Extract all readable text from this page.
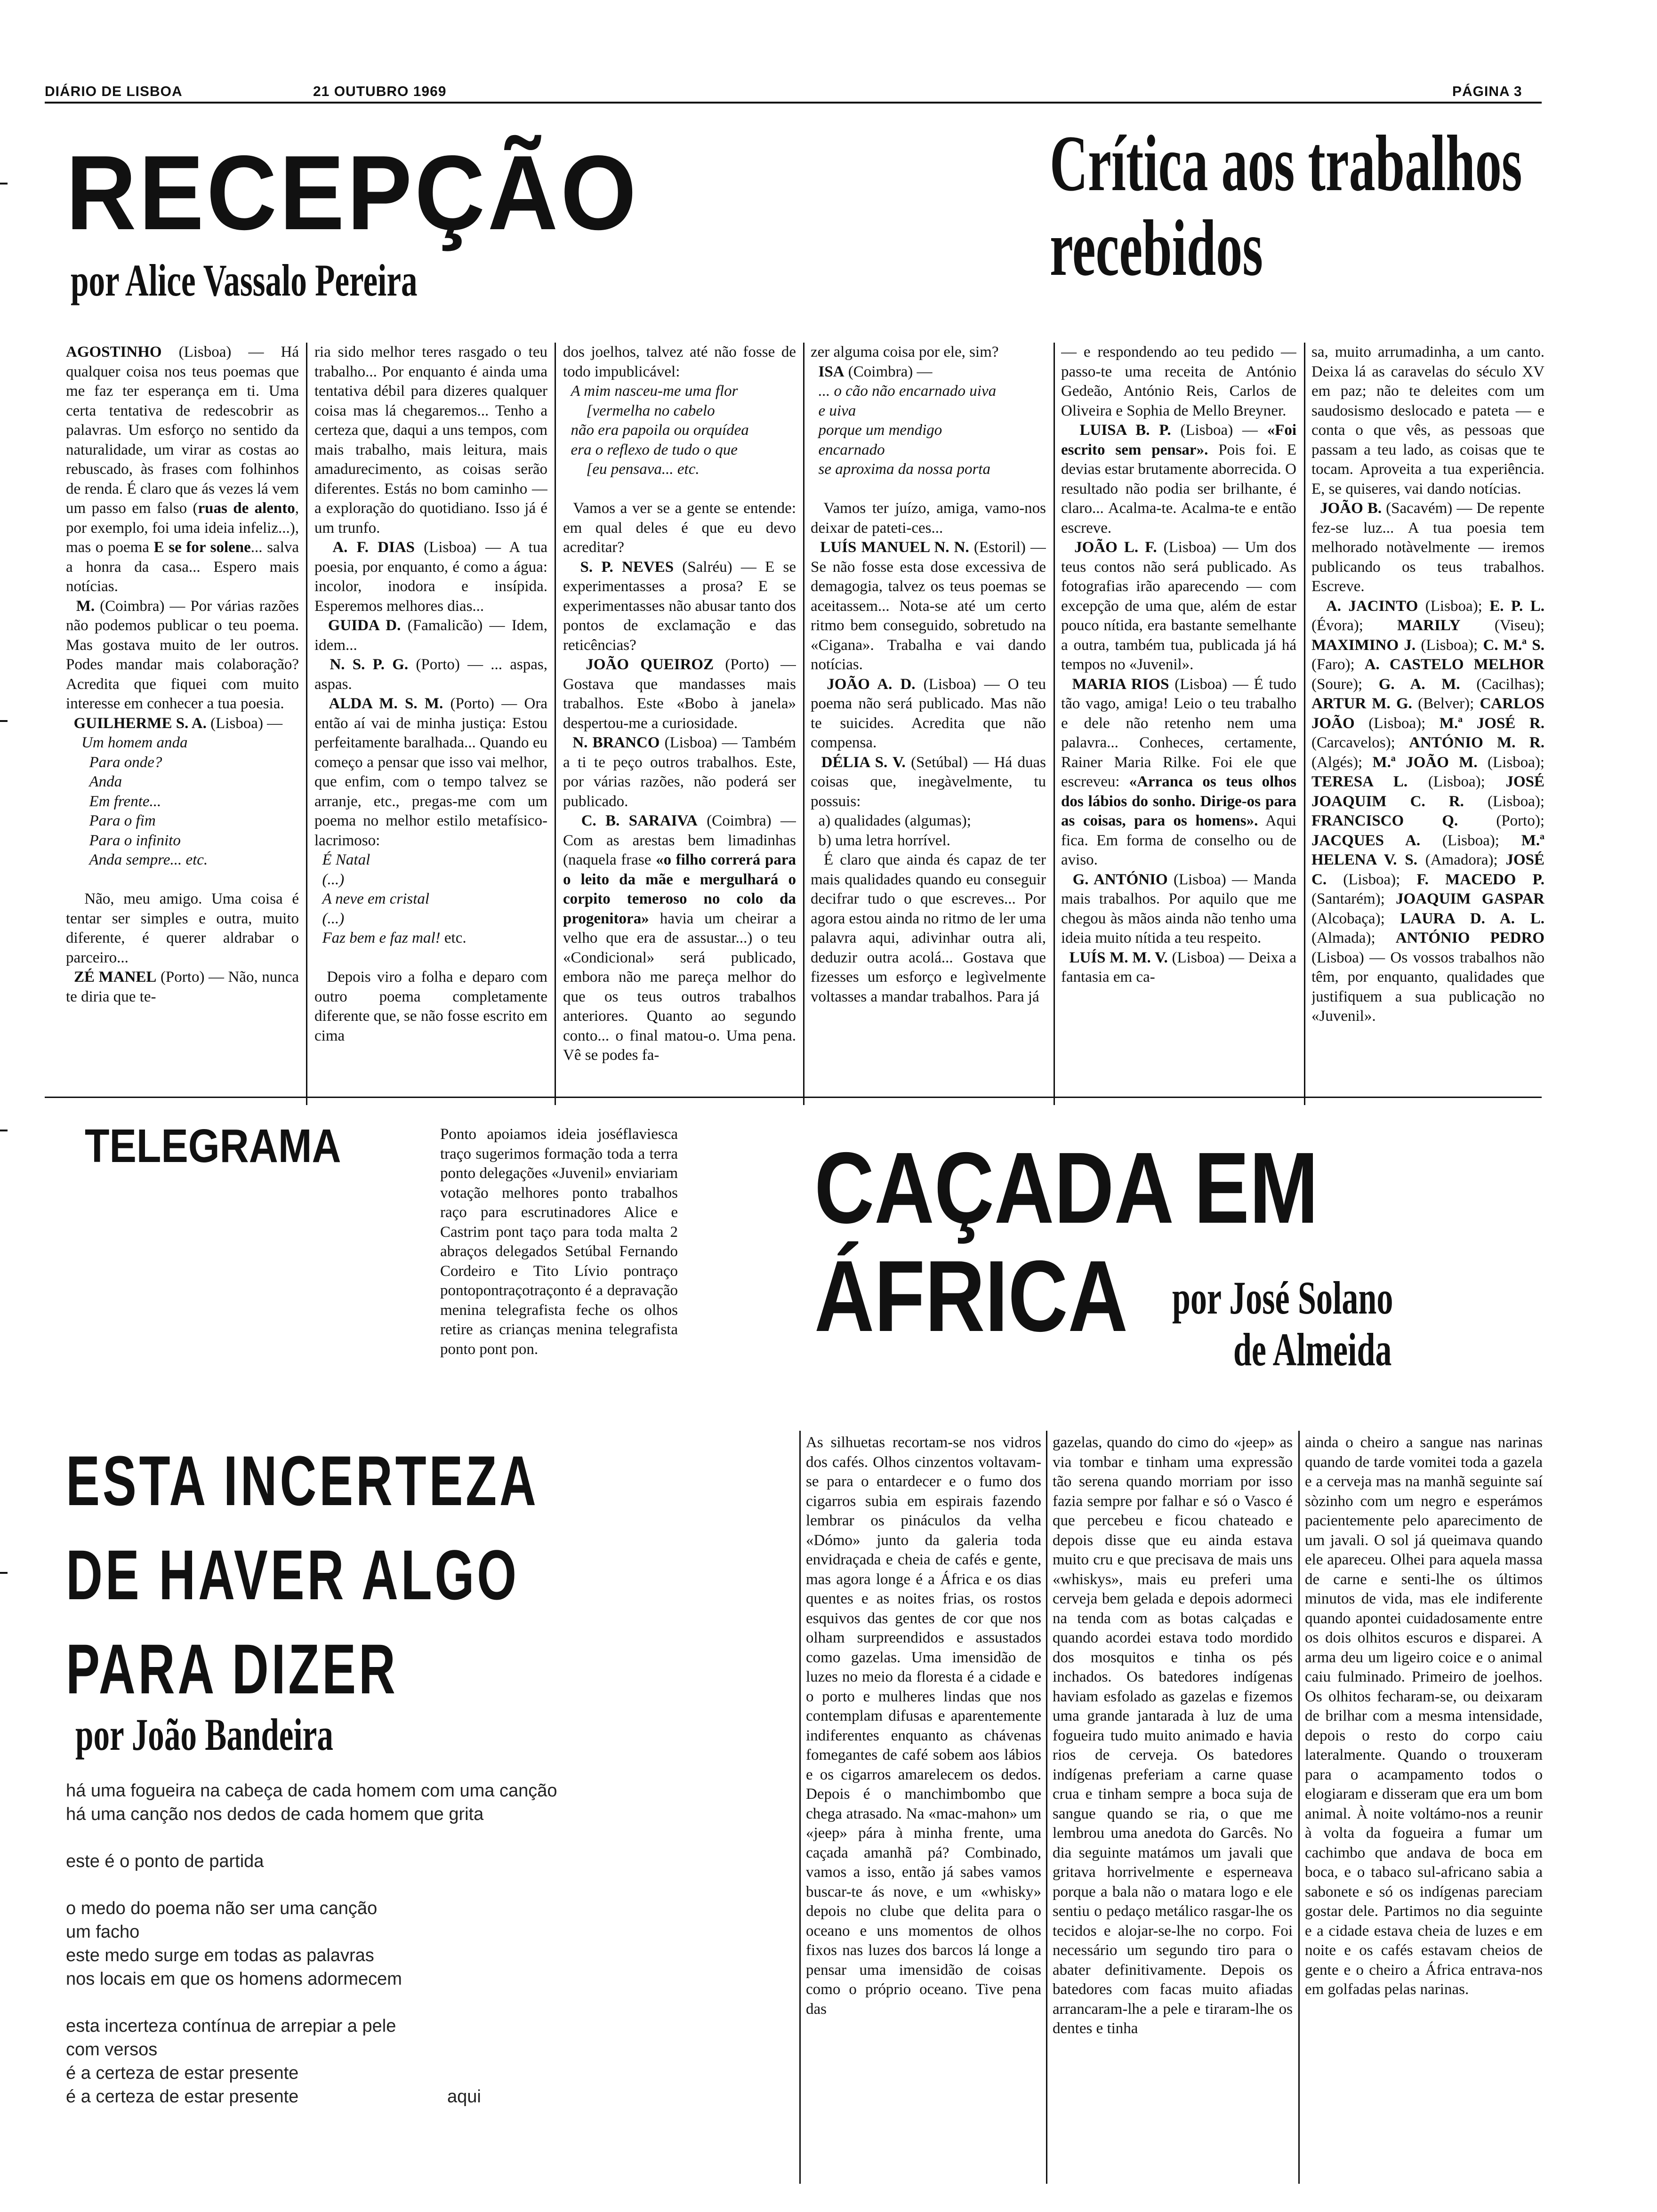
DIÁRIO DE LISBOA	21 OUTUBRO 1969	PÁGINA 3
RECEPÇÃO
por Alice Vassalo Pereira
Crítica aos trabalhos
recebidos
AGOSTINHO (Lisboa) — Há qualquer coisa nos teus poemas que me faz ter esperança em ti. Uma certa tentativa de redescobrir as palavras. Um esforço no sentido da naturalidade, um virar as costas ao rebuscado, às frases com folhinhos de renda. É claro que ás vezes lá vem um passo em falso (ruas de alento, por exemplo, foi uma ideia infeliz...), mas o poema E se for solene... salva a honra da casa... Espero mais notícias.
M. (Coimbra) — Por várias razões não podemos publicar o teu poema. Mas gostava muito de ler outros. Podes mandar mais colaboração? Acredita que fiquei com muito interesse em conhecer a tua poesia.
GUILHERME S. A. (Lisboa) —
Um homem anda
Para onde?
Anda
Em frente...
Para o fim
Para o infinito
Anda sempre... etc.

Não, meu amigo. Uma coisa é tentar ser simples e outra, muito diferente, é querer aldrabar o parceiro...
ZÉ MANEL (Porto) — Não, nunca te diria que te-
ria sido melhor teres rasgado o teu trabalho... Por enquanto é ainda uma tentativa débil para dizeres qualquer coisa mas lá chegaremos... Tenho a certeza que, daqui a uns tempos, com mais trabalho, mais leitura, mais amadurecimento, as coisas serão diferentes. Estás no bom caminho — a exploração do quotidiano. Isso já é um trunfo.
A. F. DIAS (Lisboa) — A tua poesia, por enquanto, é como a água: incolor, inodora e insípida. Esperemos melhores dias...
GUIDA D. (Famalicão) — Idem, idem...
N. S. P. G. (Porto) — ... aspas, aspas.
ALDA M. S. M. (Porto) — Ora então aí vai de minha justiça: Estou perfeitamente baralhada... Quando eu começo a pensar que isso vai melhor, que enfim, com o tempo talvez se arranje, etc., pregas-me com um poema no melhor estilo metafísico-lacrimoso:
É Natal
(...)
A neve em cristal
(...)
Faz bem e faz mal! etc.

Depois viro a folha e deparo com outro poema completamente diferente que, se não fosse escrito em cima
dos joelhos, talvez até não fosse de todo impublicável:
A mim nasceu-me uma flor
[vermelha no cabelo
não era papoila ou orquídea
era o reflexo de tudo o que
[eu pensava... etc.

Vamos a ver se a gente se entende: em qual deles é que eu devo acreditar?
S. P. NEVES (Salréu) — E se experimentasses a prosa? E se experimentasses não abusar tanto dos pontos de exclamação e das reticências?
JOÃO QUEIROZ (Porto) — Gostava que mandasses mais trabalhos. Este «Bobo à janela» despertou-me a curiosidade.
N. BRANCO (Lisboa) — Também a ti te peço outros trabalhos. Este, por várias razões, não poderá ser publicado.
C. B. SARAIVA (Coimbra) — Com as arestas bem limadinhas (naquela frase «o filho correrá para o leito da mãe e mergulhará o corpito temeroso no colo da progenitora» havia um cheirar a velho que era de assustar...) o teu «Condicional» será publicado, embora não me pareça melhor do que os teus outros trabalhos anteriores. Quanto ao segundo conto... o final matou-o. Uma pena. Vê se podes fa-
zer alguma coisa por ele, sim?
ISA (Coimbra) —
... o cão não encarnado uiva
e uiva
porque um mendigo
encarnado
se aproxima da nossa porta

Vamos ter juízo, amiga, vamo-nos deixar de pateti-ces...
LUÍS MANUEL N. N. (Estoril) — Se não fosse esta dose excessiva de demagogia, talvez os teus poemas se aceitassem... Nota-se até um certo ritmo bem conseguido, sobretudo na «Cigana». Trabalha e vai dando notícias.
JOÃO A. D. (Lisboa) — O teu poema não será publicado. Mas não te suicides. Acredita que não compensa.
DÉLIA S. V. (Setúbal) — Há duas coisas que, inegàvelmente, tu possuis:
a) qualidades (algumas);
b) uma letra horrível.
É claro que ainda és capaz de ter mais qualidades quando eu conseguir decifrar tudo o que escreves... Por agora estou ainda no ritmo de ler uma palavra aqui, adivinhar outra ali, deduzir outra acolá... Gostava que fizesses um esforço e legìvelmente voltasses a mandar trabalhos. Para já
— e respondendo ao teu pedido — passo-te uma receita de António Gedeão, António Reis, Carlos de Oliveira e Sophia de Mello Breyner.
LUISA B. P. (Lisboa) — «Foi escrito sem pensar». Pois foi. E devias estar brutamente aborrecida. O resultado não podia ser brilhante, é claro... Acalma-te. Acalma-te e então escreve.
JOÃO L. F. (Lisboa) — Um dos teus contos não será publicado. As fotografias irão aparecendo — com excepção de uma que, além de estar pouco nítida, era bastante semelhante a outra, também tua, publicada já há tempos no «Juvenil».
MARIA RIOS (Lisboa) — É tudo tão vago, amiga! Leio o teu trabalho e dele não retenho nem uma palavra... Conheces, certamente, Rainer Maria Rilke. Foi ele que escreveu: «Arranca os teus olhos dos lábios do sonho. Dirige-os para as coisas, para os homens». Aqui fica. Em forma de conselho ou de aviso.
G. ANTÓNIO (Lisboa) — Manda mais trabalhos. Por aquilo que me chegou às mãos ainda não tenho uma ideia muito nítida a teu respeito.
LUÍS M. M. V. (Lisboa) — Deixa a fantasia em ca-
sa, muito arrumadinha, a um canto. Deixa lá as caravelas do século XV em paz; não te deleites com um saudosismo deslocado e patetа — e conta o que vês, as pessoas que passam a teu lado, as coisas que te tocam. Aproveita a tua experiência. E, se quiseres, vai dando notícias.
JOÃO B. (Sacavém) — De repente fez-se luz... A tua poesia tem melhorado notàvelmente — iremos publicando os teus trabalhos. Escreve.
A. JACINTO (Lisboa); E. P. L. (Évora); MARILY (Viseu); MAXIMINO J. (Lisboa); C. M.ª S. (Faro); A. CASTELO MELHOR (Soure); G. A. M. (Cacilhas); ARTUR M. G. (Belver); CARLOS JOÃO (Lisboa); M.ª JOSÉ R. (Carcavelos); ANTÓNIO M. R. (Algés); M.ª JOÃO M. (Lisboa); TERESA L. (Lisboa); JOSÉ JOAQUIM C. R. (Lisboa); FRANCISCO Q. (Porto); JACQUES A. (Lisboa); M.ª HELENA V. S. (Amadora); JOSÉ C. (Lisboa); F. MACEDO P. (Santarém); JOAQUIM GASPAR (Alcobaça); LAURA D. A. L. (Almada); ANTÓNIO PEDRO (Lisboa) — Os vossos trabalhos não têm, por enquanto, qualidades que justifiquem a sua publicação no «Juvenil».
TELEGRAMA	Ponto apoiamos ideia joséflaviesca traço sugerimos formação toda a terra ponto delegações «Juvenil» enviariam votação melhores ponto trabalhos raço para escrutinadores Alice e Castrim pont taço para toda malta 2 abraços delegados Setúbal Fernando Cordeiro e Tito Lívio pontraço pontopontraçotraçonto é a depravação menina telegrafista feche os olhos retire as crianças menina telegrafista ponto pont pon.
CAÇADA EM
ÁFRICA por José Solano
de Almeida
ESTA INCERTEZA
DE HAVER ALGO
PARA DIZER
por João Bandeira
há uma fogueira na cabeça de cada homem com uma canção
há uma canção nos dedos de cada homem que grita

este é o ponto de partida

o medo do poema não ser uma canção
um facho
este medo surge em todas as palavras
nos locais em que os homens adormecem

esta incerteza contínua de arrepiar a pele
com versos
é a certeza de estar presente
é a certeza de estar presente	aqui
As silhuetas recortam-se nos vidros dos cafés. Olhos cinzentos voltavam-se para o entardecer e o fumo dos cigarros subia em espirais fazendo lembrar os pináculos da velha «Dómo» junto da galeria toda envidraçada e cheia de cafés e gente, mas agora longe é a África e os dias quentes e as noites frias, os rostos esquivos das gentes de cor que nos olham surpreendidos e assustados como gazelas. Uma imensidão de luzes no meio da floresta é a cidade e o porto e mulheres lindas que nos contemplam difusas e aparentemente indiferentes enquanto as chávenas fomegantes de café sobem aos lábios e os cigarros amarelecem os dedos. Depois é o manchimbombo que chega atrasado. Na «mac-mahon» um «jeep» pára à minha frente, uma caçada amanhã pá? Combinado, vamos a isso, então já sabes vamos buscar-te ás nove, e um «whisky» depois no clube que delita para o oceano e uns momentos de olhos fixos nas luzes dos barcos lá longe a pensar uma imensidão de coisas como o próprio oceano. Tive pena das
gazelas, quando do cimo do «jeep» as via tombar e tinham uma expressão tão serena quando morriam por isso fazia sempre por falhar e só o Vasco é que percebeu e ficou chateado e depois disse que eu ainda estava muito cru e que precisava de mais uns «whiskys», mais eu preferi uma cerveja bem gelada e depois adormeci na tenda com as botas calçadas e quando acordei estava todo mordido dos mosquitos e tinha os pés inchados. Os batedores indígenas haviam esfolado as gazelas e fizemos uma grande jantarada à luz de uma fogueira tudo muito animado e havia rios de cerveja. Os batedores indígenas preferiam a carne quase crua e tinham sempre a boca suja de sangue quando se ria, o que me lembrou uma anedota do Garcês. No dia seguinte matámos um javali que gritava horrivelmente e esperneava porque a bala não o matara logo e ele sentiu o pedaço metálico rasgar-lhe os tecidos e alojar-se-lhe no corpo. Foi necessário um segundo tiro para o abater definitivamente. Depois os batedores com facas muito afiadas arrancaram-lhe a pele e tiraram-lhe os dentes e tinha
ainda o cheiro a sangue nas narinas quando de tarde vomitei toda a gazela e a cerveja mas na manhã seguinte saí sòzinho com um negro e esperámos pacientemente pelo aparecimento de um javali. O sol já queimava quando ele apareceu. Olhei para aquela massa de carne e senti-lhe os últimos minutos de vida, mas ele indiferente quando apontei cuidadosamente entre os dois olhitos escuros e disparei. A arma deu um ligeiro coice e o animal caiu fulminado. Primeiro de joelhos. Os olhitos fecharam-se, ou deixaram de brilhar com a mesma intensidade, depois o resto do corpo caiu lateralmente. Quando o trouxeram para o acampamento todos o elogiaram e disseram que era um bom animal. À noite voltámo-nos a reunir à volta da fogueira a fumar um cachimbo que andava de boca em boca, e o tabaco sul-africano sabia a sabonete e só os indígenas pareciam gostar dele. Partimos no dia seguinte e a cidade estava cheia de luzes e em noite e os cafés estavam cheios de gente e o cheiro a África entrava-nos em golfadas pelas narinas.
